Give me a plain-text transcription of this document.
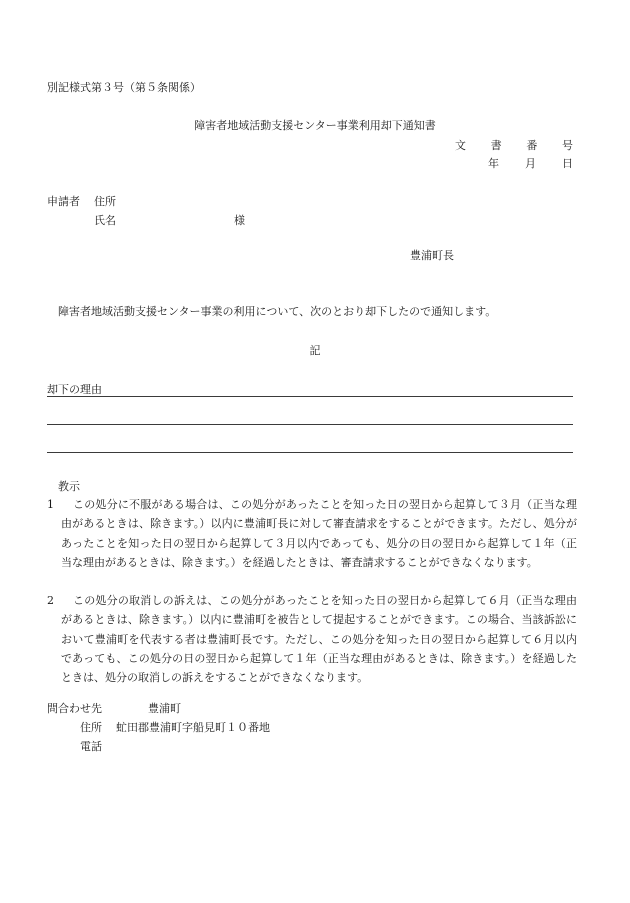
別記様式第３号（第５条関係）
障害者地域活動支援センター事業利用却下通知書
文 書 番 号
年 月 日
申請者 住所
氏名	様
豊浦町長
障害者地域活動支援センター事業の利用について、次のとおり却下したので通知します。
記
却下の理由
教示
1	この処分に不服がある場合は、この処分があったことを知った日の翌日から起算して３月（正当な理由があるときは、除きます。）以内に豊浦町長に対して審査請求をすることができます。ただし、処分があったことを知った日の翌日から起算して３月以内であっても、処分の日の翌日から起算して１年（正当な理由があるときは、除きます。）を経過したときは、審査請求することができなくなります。
2	この処分の取消しの訴えは、この処分があったことを知った日の翌日から起算して６月（正当な理由があるときは、除きます。）以内に豊浦町を被告として提起することができます。この場合、当該訴訟において豊浦町を代表する者は豊浦町長です。ただし、この処分を知った日の翌日から起算して６月以内であっても、この処分の日の翌日から起算して１年（正当な理由があるときは、除きます。）を経過したときは、処分の取消しの訴えをすることができなくなります。
問合わせ先	豊浦町
住所 虻田郡豊浦町字船見町１０番地
電話
